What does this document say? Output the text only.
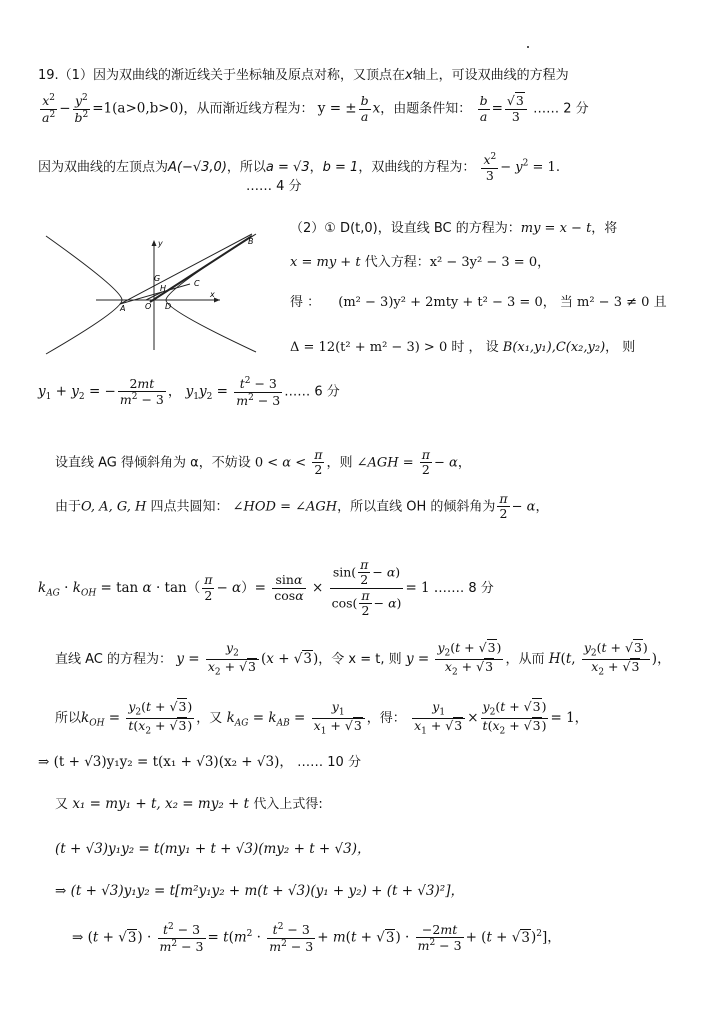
19.（1）因为双曲线的渐近线关于坐标轴及原点对称，又顶点在x轴上，可设双曲线的方程为
$\frac{x^2}{a^2} - \frac{y^2}{b^2} =1(a>0,b>0)$，从而渐近线方程为： y = ± $\frac{b}{a}$ x，由题条件知： $\frac{b}{a} = \frac{√3}{3}$ …… 2 分
因为双曲线的左顶点为A(−√3,0)，所以a = √3，b = 1，双曲线的方程为： $\frac{x^2}{3} - y^2 = 1$.
…… 4 分
y	B
G
H
C
x
A O D
（2）① D(t,0)，设直线 BC 的方程为：my = x − t，将
x = my + t 代入方程：x² − 3y² − 3 = 0，
得 ： (m² − 3)y² + 2mty + t² − 3 = 0， 当 m² − 3 ≠ 0 且
Δ = 12(t² + m² − 3) > 0 时 ， 设 B(x₁,y₁),C(x₂,y₂)， 则
$y_1 + y_2$ = − $\frac{2mt}{m^2 - 3}$ ， $y_1y_2 = \frac{t^2 - 3}{m^2 - 3}$ …… 6 分
设直线 AG 得倾斜角为 α，不妨设 $0 < \alpha < \frac{\pi}{2}$ ，则 ∠AGH = $\frac{\pi}{2} - \alpha$，
由于O, A, G, H 四点共圆知： ∠HOD = ∠AGH，所以直线 OH 的倾斜角为 $\frac{\pi}{2} - \alpha$，
$k_{AG} \cdot k_{OH} = \tan \alpha \cdot \tan( \frac{\pi}{2} - \alpha)= \frac{\sin\alpha}{\cos\alpha} \times \frac{\sin( \frac{\pi}{2} - \alpha)}{\cos( \frac{\pi}{2} - \alpha)} = 1$ .…… 8 分
直线 AC 的方程为： $y = \frac{y_2}{x_2 + √3} (x + √3)$，令 x = t, 则 $y = \frac{y_2(t + √3)}{x_2 + √3}$ ，从而 H(t, $\frac{y_2(t + √3)}{x_2 + √3}$ )，
所以$k_{OH} = \frac{y_2(t + √3)}{t(x_2 + √3)}$ ，又 $k_{AG} = k_{AB} = \frac{y_1}{x_1 + √3}$ ，得： $\frac{y_1}{x_1 + √3} \times \frac{y_2(t + √3)}{t(x_2 + √3)} = 1$，
⇒ (t + √3)y₁y₂ = t(x₁ + √3)(x₂ + √3)， …… 10 分
又 x₁ = my₁ + t, x₂ = my₂ + t 代入上式得:
(t + √3)y₁y₂ = t(my₁ + t + √3)(my₂ + t + √3)，
⇒ (t + √3)y₁y₂ = t[m²y₁y₂ + m(t + √3)(y₁ + y₂) + (t + √3)²]，
⇒ $(t + √3) \cdot \frac{t^2 - 3}{m^2 - 3} = t(m^2 \cdot \frac{t^2 - 3}{m^2 - 3} + m(t + √3) \cdot \frac{-2mt}{m^2 - 3} + (t + √3)^2]$，
